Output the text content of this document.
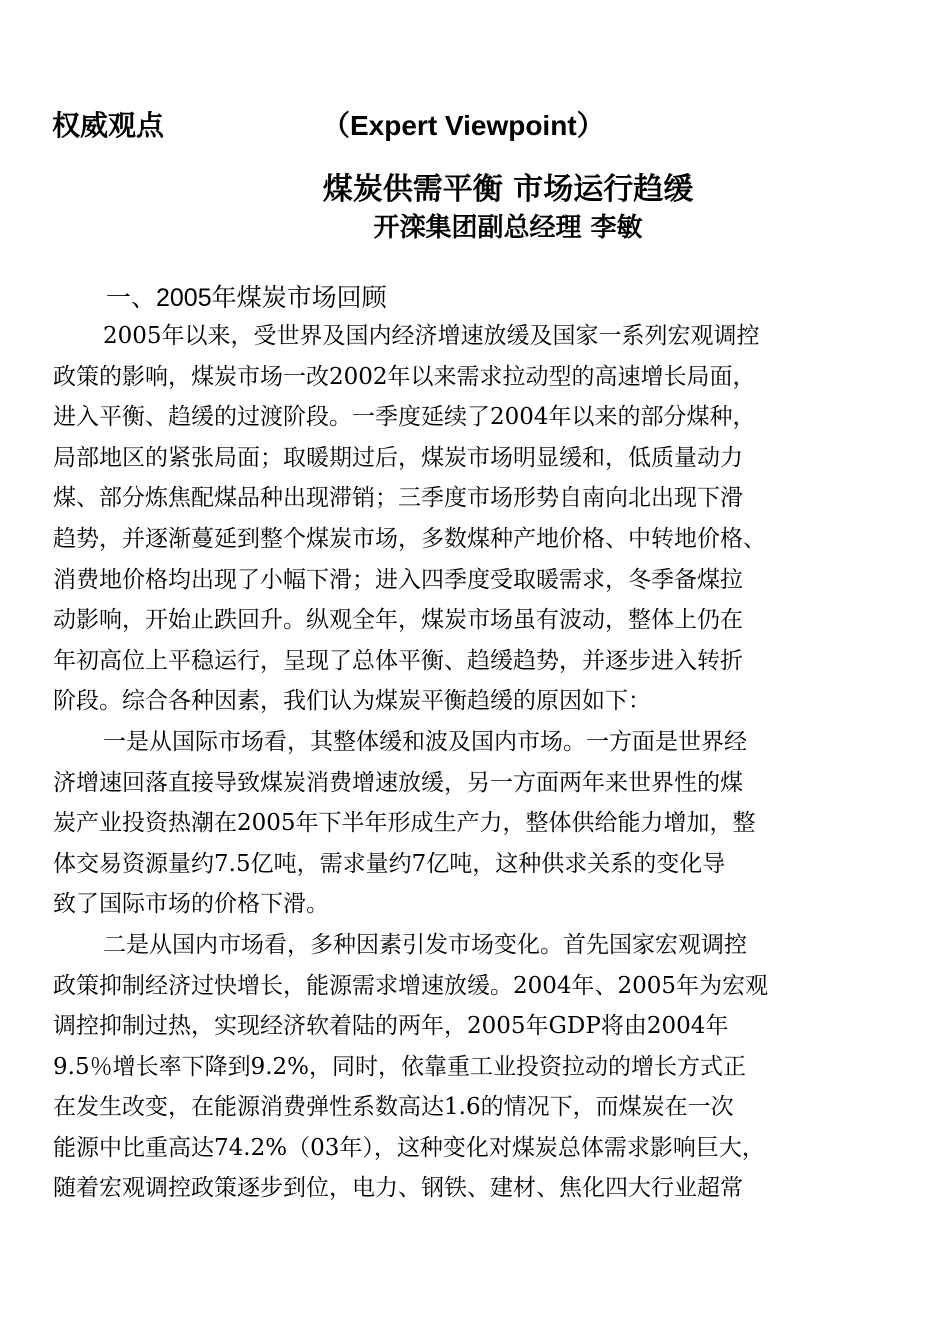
权威观点	（Expert Viewpoint）
煤炭供需平衡 市场运行趋缓
开滦集团副总经理 李敏
一、2005年煤炭市场回顾
2005年以来，受世界及国内经济增速放缓及国家一系列宏观调控
政策的影响，煤炭市场一改2002年以来需求拉动型的高速增长局面，
进入平衡、趋缓的过渡阶段。一季度延续了2004年以来的部分煤种，
局部地区的紧张局面；取暖期过后，煤炭市场明显缓和，低质量动力
煤、部分炼焦配煤品种出现滞销；三季度市场形势自南向北出现下滑
趋势，并逐渐蔓延到整个煤炭市场，多数煤种产地价格、中转地价格、
消费地价格均出现了小幅下滑；进入四季度受取暖需求，冬季备煤拉
动影响，开始止跌回升。纵观全年，煤炭市场虽有波动，整体上仍在
年初高位上平稳运行，呈现了总体平衡、趋缓趋势，并逐步进入转折
阶段。综合各种因素，我们认为煤炭平衡趋缓的原因如下：
一是从国际市场看，其整体缓和波及国内市场。一方面是世界经
济增速回落直接导致煤炭消费增速放缓，另一方面两年来世界性的煤
炭产业投资热潮在2005年下半年形成生产力，整体供给能力增加，整
体交易资源量约7.5亿吨，需求量约7亿吨，这种供求关系的变化导
致了国际市场的价格下滑。
二是从国内市场看，多种因素引发市场变化。首先国家宏观调控
政策抑制经济过快增长，能源需求增速放缓。2004年、2005年为宏观
调控抑制过热，实现经济软着陆的两年，2005年GDP将由2004年
9.5％增长率下降到9.2%，同时，依靠重工业投资拉动的增长方式正
在发生改变，在能源消费弹性系数高达1.6的情况下，而煤炭在一次
能源中比重高达74.2%（03年），这种变化对煤炭总体需求影响巨大，
随着宏观调控政策逐步到位，电力、钢铁、建材、焦化四大行业超常
